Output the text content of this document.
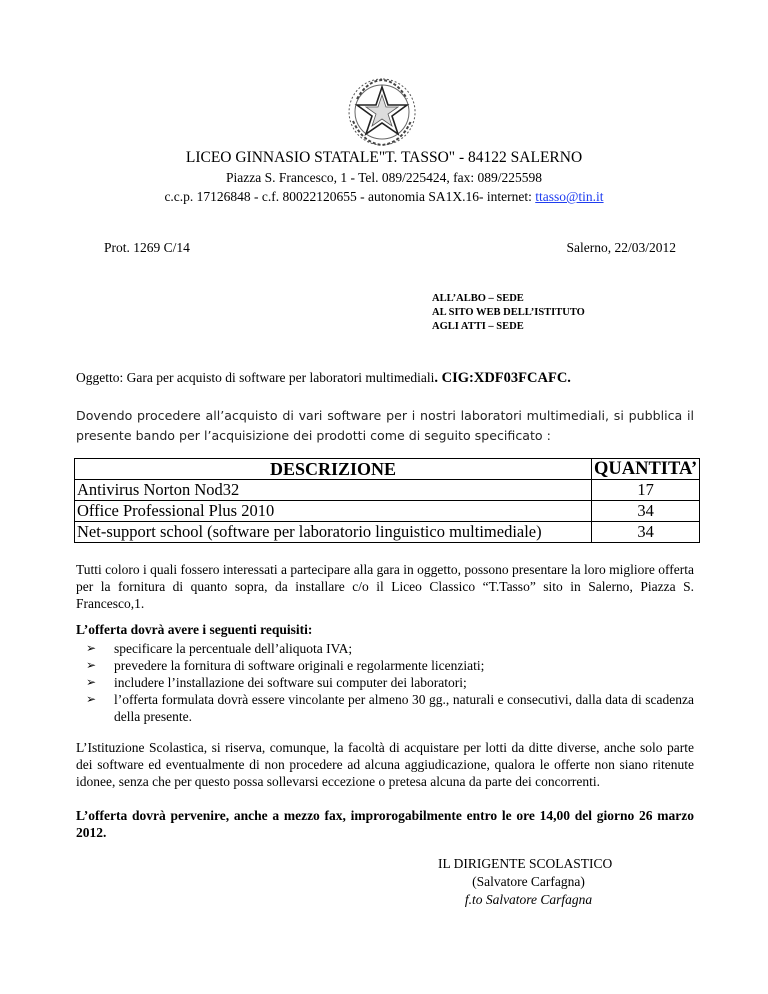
LICEO GINNASIO STATALE"T. TASSO" - 84122 SALERNO
Piazza S. Francesco, 1 - Tel. 089/225424, fax: 089/225598
c.c.p. 17126848 - c.f. 80022120655 - autonomia SA1X.16- internet: ttasso@tin.it
Prot. 1269 C/14	Salerno, 22/03/2012
ALL’ALBO – SEDE
AL SITO WEB DELL’ISTITUTO
AGLI ATTI – SEDE
Oggetto: Gara per acquisto di software per laboratori multimediali. CIG:XDF03FCAFC.
Dovendo procedere all’acquisto di vari software per i nostri laboratori multimediali, si pubblica il presente bando per l’acquisizione dei prodotti come di seguito specificato :
DESCRIZIONE	QUANTITA’
Antivirus Norton Nod32	17
Office Professional Plus 2010	34
Net-support school (software per laboratorio linguistico multimediale)	34
Tutti coloro i quali fossero interessati a partecipare alla gara in oggetto, possono presentare la loro migliore offerta per la fornitura di quanto sopra, da installare c/o il Liceo Classico “T.Tasso” sito in Salerno, Piazza S. Francesco,1.
L’offerta dovrà avere i seguenti requisiti:
➢ specificare la percentuale dell’aliquota IVA;
➢ prevedere la fornitura di software originali e regolarmente licenziati;
➢ includere l’installazione dei software sui computer dei laboratori;
➢ l’offerta formulata dovrà essere vincolante per almeno 30 gg., naturali e consecutivi, dalla data di scadenza della presente.
L’Istituzione Scolastica, si riserva, comunque, la facoltà di acquistare per lotti da ditte diverse, anche solo parte dei software ed eventualmente di non procedere ad alcuna aggiudicazione, qualora le offerte non siano ritenute idonee, senza che per questo possa sollevarsi eccezione o pretesa alcuna da parte dei concorrenti.
L’offerta dovrà pervenire, anche a mezzo fax, improrogabilmente entro le ore 14,00 del giorno 26 marzo 2012.
IL DIRIGENTE SCOLASTICO
(Salvatore Carfagna)
f.to Salvatore Carfagna
